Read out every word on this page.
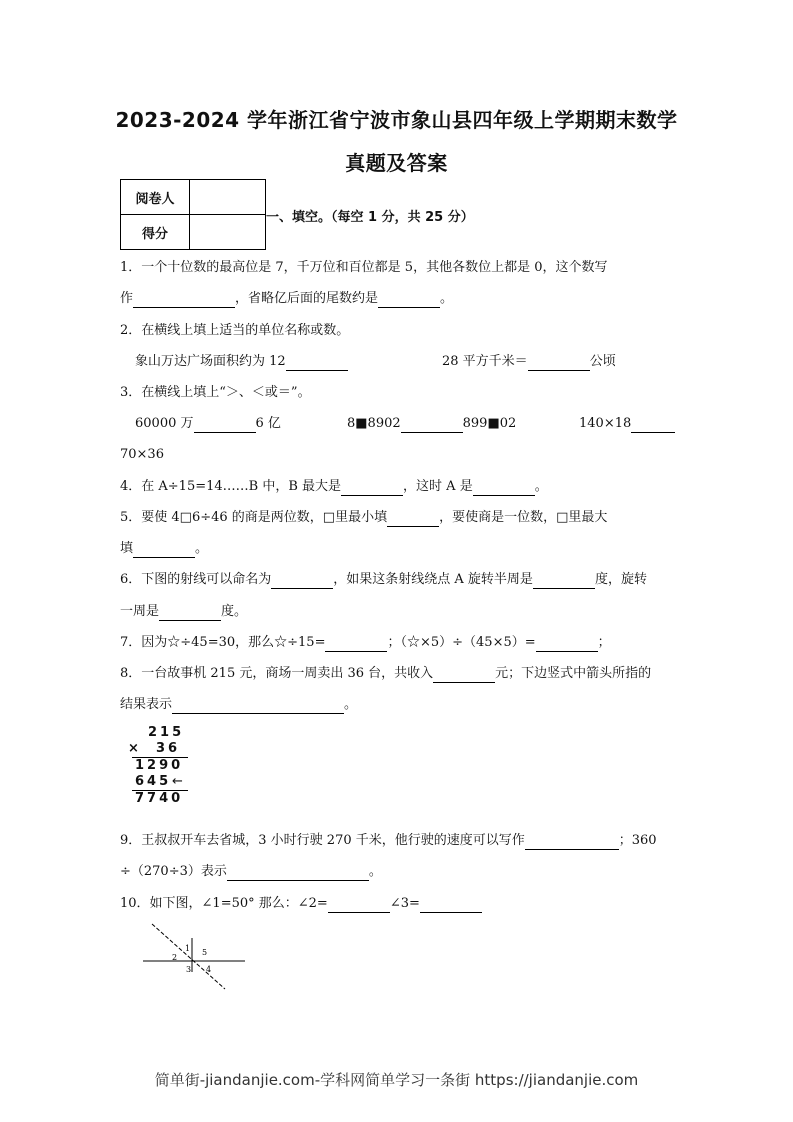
2023-2024 学年浙江省宁波市象山县四年级上学期期末数学
真题及答案
阅卷人	
得分	
一、填空。（每空 1 分，共 25 分）
1．一个十位数的最高位是 7，千万位和百位都是 5，其他各数位上都是 0，这个数写
作	，省略亿后面的尾数约是	。
2．在横线上填上适当的单位名称或数。
象山万达广场面积约为 12	28 平方千米＝	公顷
3．在横线上填上“＞、＜或＝”。
60000 万	6 亿	8■8902	899■02	140×18
70×36
4．在 A÷15=14……B 中，B 最大是	，这时 A 是	。
5．要使 4□6÷46 的商是两位数，□里最小填	，要使商是一位数，□里最大
填	。
6．下图的射线可以命名为	，如果这条射线绕点 A 旋转半周是	度，旋转
一周是	度。
7．因为☆÷45=30，那么☆÷15=	；（☆×5）÷（45×5）=	；
8．一台故事机 215 元，商场一周卖出 36 台，共收入	元；下边竖式中箭头所指的
结果表示	。
215
× 36
1290
645 ←
7740
9．王叔叔开车去省城，3 小时行驶 270 千米，他行驶的速度可以写作	；360
÷（270÷3）表示	。
10．如下图，∠1=50° 那么：∠2=	∠3=
1
2
3 4
5
简单街-jiandanjie.com-学科网简单学习一条街 https://jiandanjie.com
